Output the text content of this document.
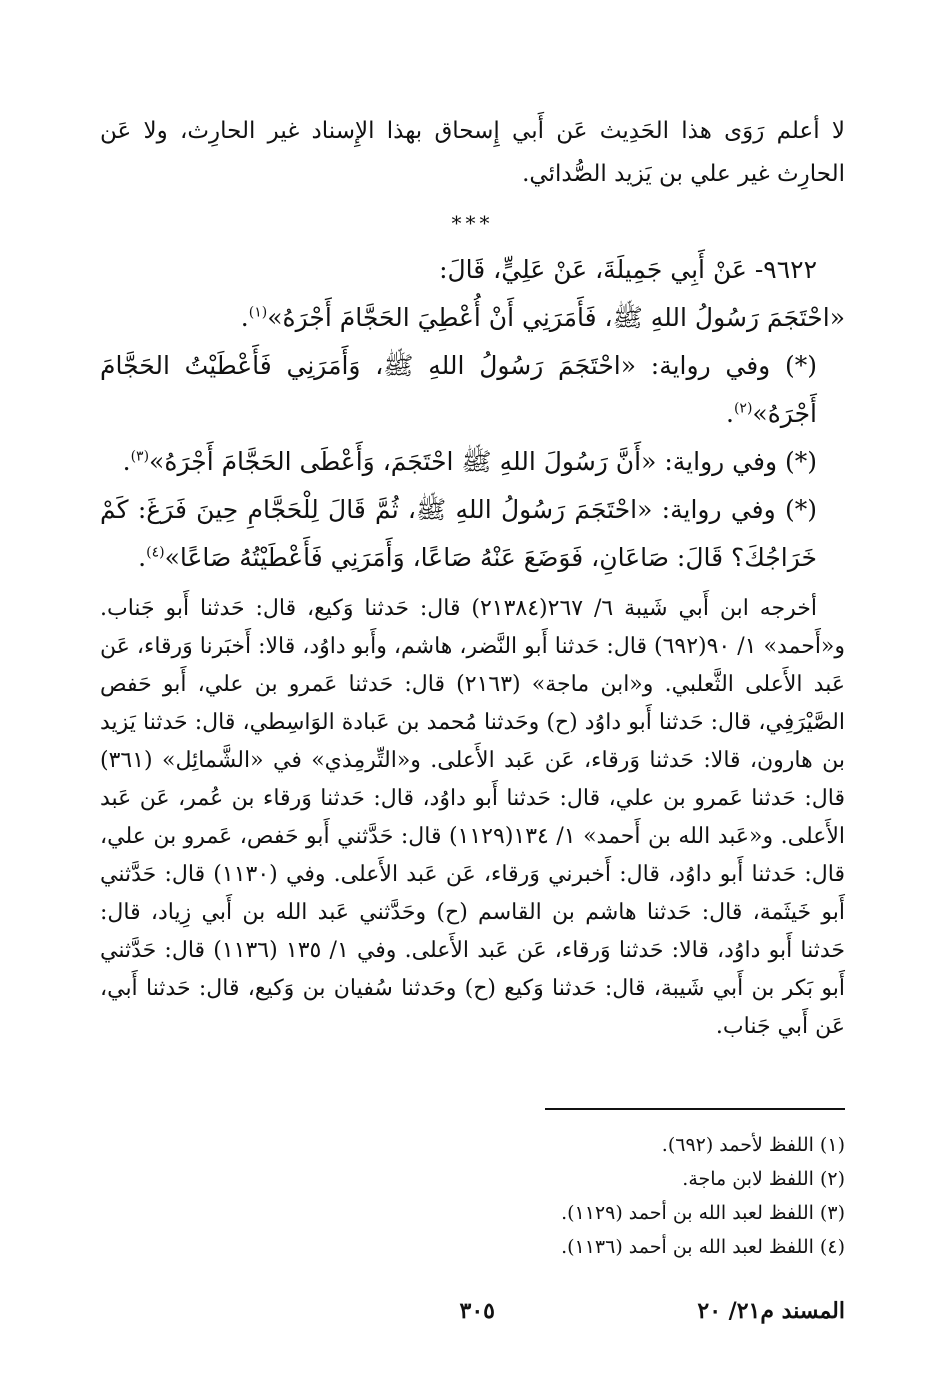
لا أعلم رَوَى هذا الحَدِيث عَن أَبي إِسحاق بهذا الإِسناد غير الحارِث، ولا عَن الحارِث غير علي بن يَزيد الصُّدائي.

***

٩٦٢٢- عَنْ أَبِي جَمِيلَةَ، عَنْ عَلِيٍّ، قَالَ:

«احْتَجَمَ رَسُولُ اللهِ ﷺ، فَأَمَرَنِي أَنْ أُعْطِيَ الحَجَّامَ أَجْرَهُ»$^{(١)}$.

(*) وفي رواية: «احْتَجَمَ رَسُولُ اللهِ ﷺ، وَأَمَرَنِي فَأَعْطَيْتُ الحَجَّامَ أَجْرَهُ»$^{(٢)}$.

(*) وفي رواية: «أَنَّ رَسُولَ اللهِ ﷺ احْتَجَمَ، وَأَعْطَى الحَجَّامَ أَجْرَهُ»$^{(٣)}$.

(*) وفي رواية: «احْتَجَمَ رَسُولُ اللهِ ﷺ، ثُمَّ قَالَ لِلْحَجَّامِ حِينَ فَرَغَ: كَمْ خَرَاجُكَ؟ قَالَ: صَاعَانِ، فَوَضَعَ عَنْهُ صَاعًا، وَأَمَرَنِي فَأَعْطَيْتُهُ صَاعًا»$^{(٤)}$.

أخرجه ابن أَبي شَيبة ٦/ ٢٦٧(٢١٣٨٤) قال: حَدثنا وَكيع، قال: حَدثنا أَبو جَناب. و«أَحمد» ١/ ٩٠(٦٩٢) قال: حَدثنا أَبو النَّضر، هاشم، وأَبو داوُد، قالا: أَخبَرنا وَرقاء، عَن عَبد الأَعلى الثَّعلبي. و«ابن ماجة» (٢١٦٣) قال: حَدثنا عَمرو بن علي، أَبو حَفص الصَّيْرَفِي، قال: حَدثنا أَبو داوُد (ح) وحَدثنا مُحمد بن عَبادة الوَاسِطي، قال: حَدثنا يَزيد بن هارون، قالا: حَدثنا وَرقاء، عَن عَبد الأَعلى. و«التِّرمِذي» في «الشَّمائِل» (٣٦١) قال: حَدثنا عَمرو بن علي، قال: حَدثنا أَبو داوُد، قال: حَدثنا وَرقاء بن عُمر، عَن عَبد الأَعلى. و«عَبد الله بن أَحمد» ١/ ١٣٤(١١٢٩) قال: حَدَّثني أَبو حَفص، عَمرو بن علي، قال: حَدثنا أَبو داوُد، قال: أَخبرني وَرقاء، عَن عَبد الأَعلى. وفي (١١٣٠) قال: حَدَّثني أَبو خَيثَمة، قال: حَدثنا هاشم بن القاسم (ح) وحَدَّثني عَبد الله بن أَبي زِياد، قال: حَدثنا أَبو داوُد، قالا: حَدثنا وَرقاء، عَن عَبد الأَعلى. وفي ١/ ١٣٥ (١١٣٦) قال: حَدَّثني أَبو بَكر بن أَبي شَيبة، قال: حَدثنا وَكيع (ح) وحَدثنا سُفيان بن وَكيع، قال: حَدثنا أَبي، عَن أَبي جَناب.

(١) اللفظ لأحمد (٦٩٢).
(٢) اللفظ لابن ماجة.
(٣) اللفظ لعبد الله بن أحمد (١١٢٩).
(٤) اللفظ لعبد الله بن أحمد (١١٣٦).
المسند م٢١/ ٢٠
٣٠٥
